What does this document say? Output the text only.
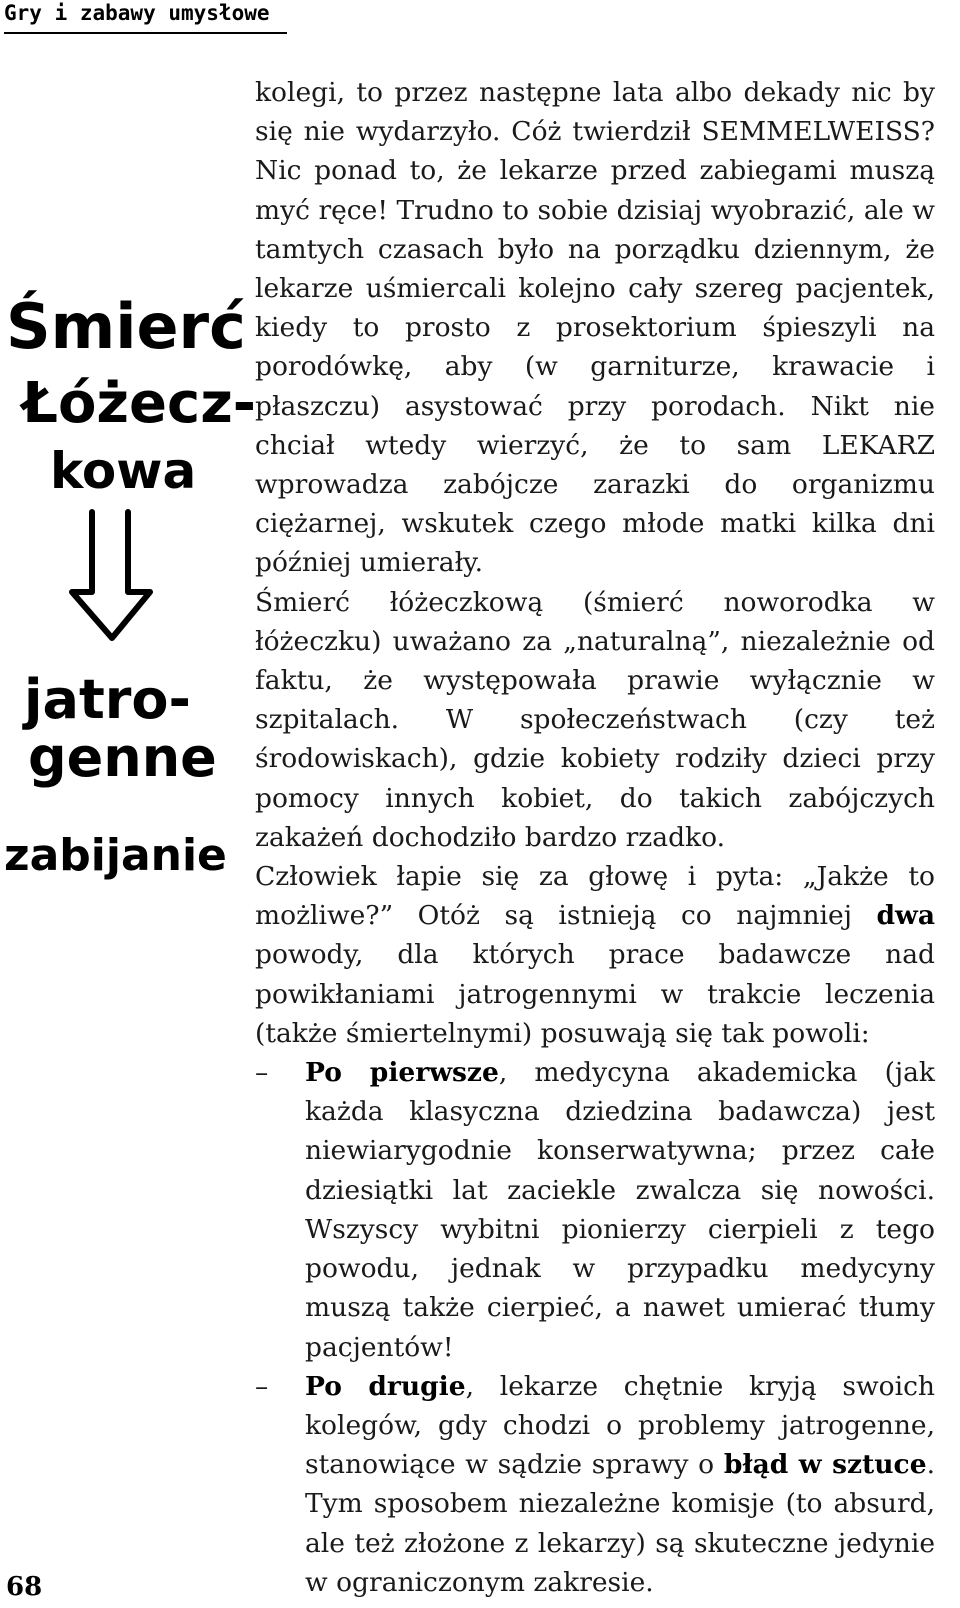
Gry i zabawy umysłowe
Śmierć
Łóżecz-
kowa
jatro-
genne
zabijanie

kolegi, to przez następne lata albo dekady nic by się nie wydarzyło. Cóż twierdził SEMMELWEISS? Nic ponad to, że lekarze przed zabiegami muszą myć ręce! Trudno to sobie dzisiaj wyobrazić, ale w tamtych czasach było na porządku dziennym, że lekarze uśmiercali kolejno cały szereg pacjentek, kiedy to prosto z prosektorium śpieszyli na porodówkę, aby (w garniturze, krawacie i płaszczu) asystować przy porodach. Nikt nie chciał wtedy wierzyć, że to sam LEKARZ wprowadza zabójcze zarazki do organizmu ciężarnej, wskutek czego młode matki kilka dni później umierały.

Śmierć łóżeczkową (śmierć noworodka w łóżeczku) uważano za „naturalną”, niezależnie od faktu, że występowała prawie wyłącznie w szpitalach. W społeczeństwach (czy też środowiskach), gdzie kobiety rodziły dzieci przy pomocy innych kobiet, do takich zabójczych zakażeń dochodziło bardzo rzadko.

Człowiek łapie się za głowę i pyta: „Jakże to możliwe?” Otóż są istnieją co najmniej dwa powody, dla których prace badawcze nad powikłaniami jatrogennymi w trakcie leczenia (także śmiertelnymi) posuwają się tak powoli:

– Po pierwsze, medycyna akademicka (jak każda klasyczna dziedzina badawcza) jest niewiarygodnie konserwatywna; przez całe dziesiątki lat zaciekle zwalcza się nowości. Wszyscy wybitni pionierzy cierpieli z tego powodu, jednak w przypadku medycyny muszą także cierpieć, a nawet umierać tłumy pacjentów!

– Po drugie, lekarze chętnie kryją swoich kolegów, gdy chodzi o problemy jatrogenne, stanowiące w sądzie sprawy o błąd w sztuce. Tym sposobem niezależne komisje (to absurd, ale też złożone z lekarzy) są skuteczne jedynie w ograniczonym zakresie.

68
